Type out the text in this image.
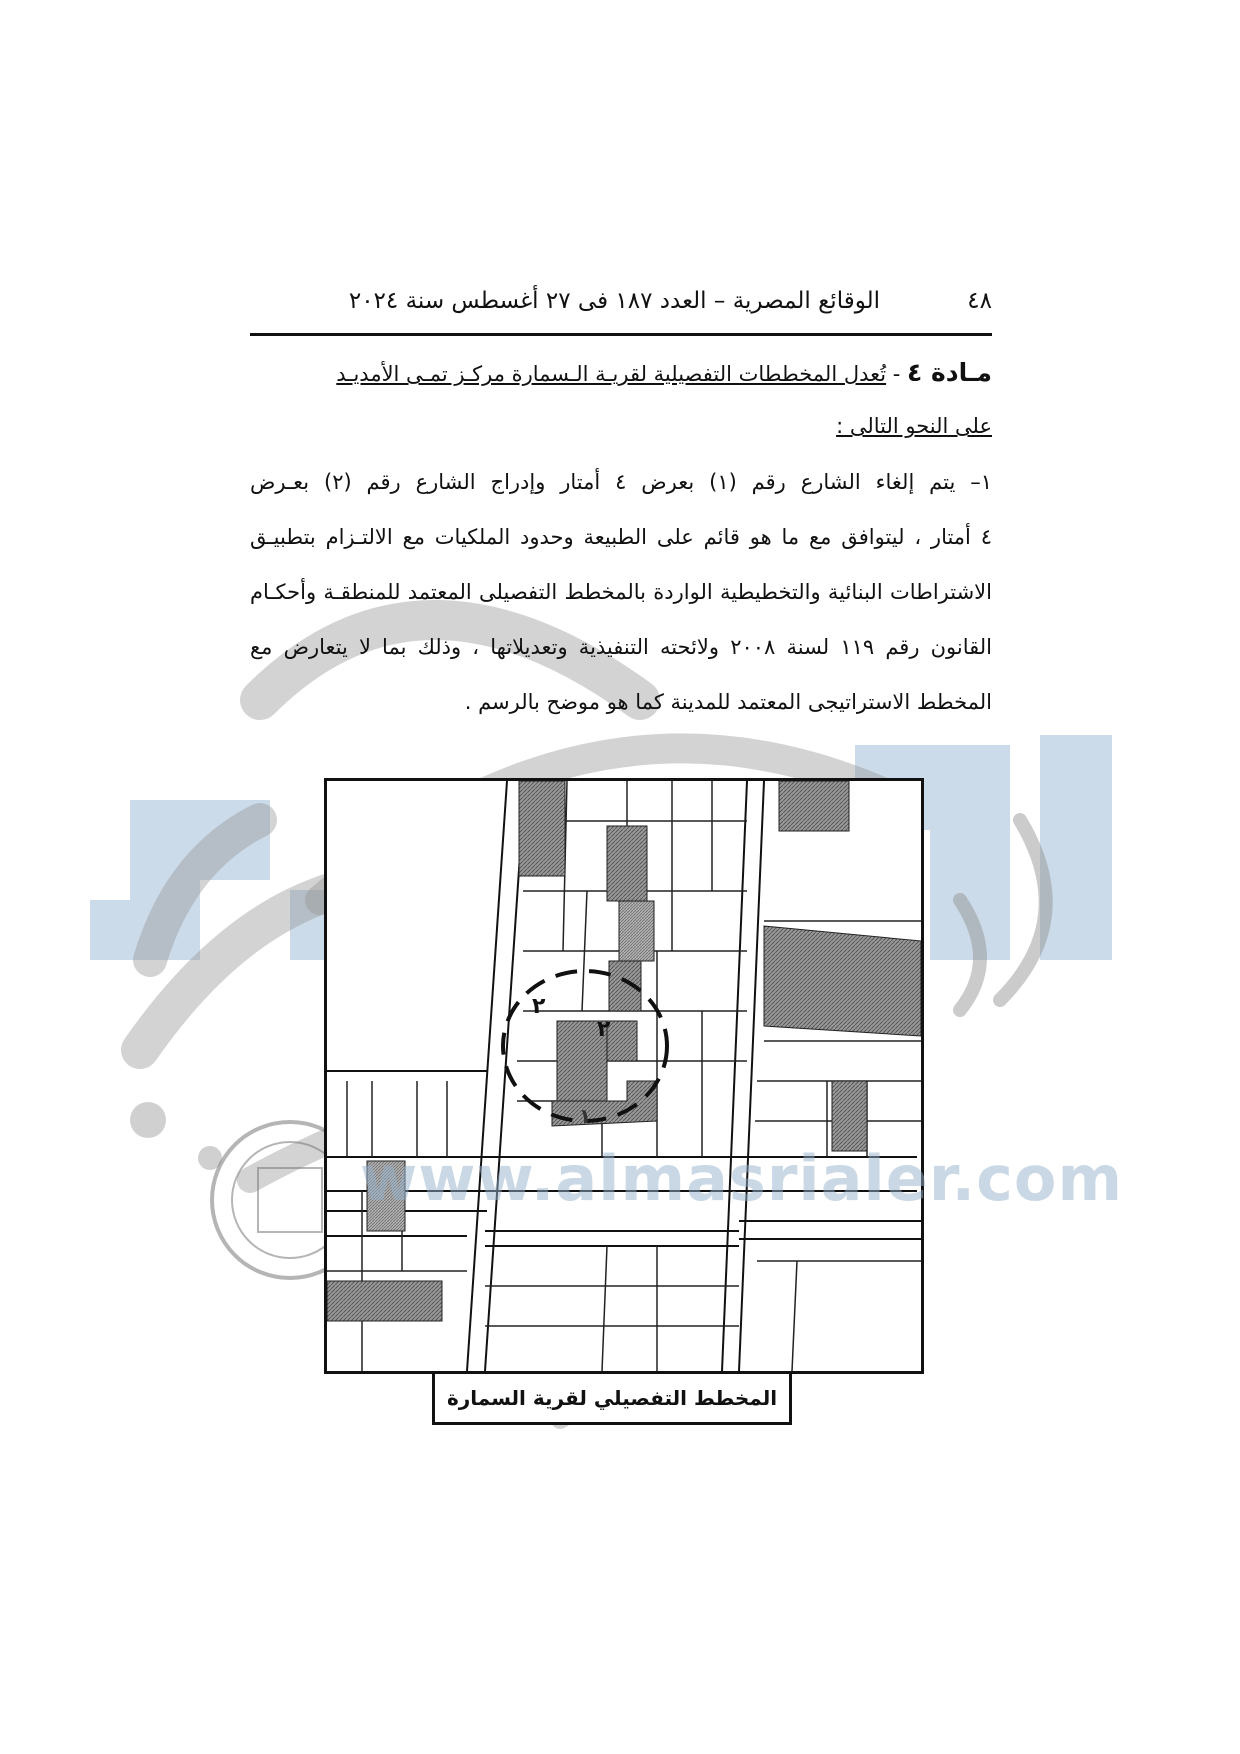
٤٨
الوقائع المصرية – العدد ١٨٧ فى ٢٧ أغسطس سنة ٢٠٢٤
مـادة ٤ - تُعدل المخططات التفصيلية لقريـة الـسمارة مركـز تمـى الأمديـد
على النحو التالى :
١– يتم إلغاء الشارع رقم (١) بعرض ٤ أمتار وإدراج الشارع رقم (٢) بعـرض
٤ أمتار ، ليتوافق مع ما هو قائم على الطبيعة وحدود الملكيات مع الالتـزام بتطبيـق
الاشتراطات البنائية والتخطيطية الواردة بالمخطط التفصيلى المعتمد للمنطقـة وأحكـام
القانون رقم ١١٩ لسنة ٢٠٠٨ ولائحته التنفيذية وتعديلاتها ، وذلك بما لا يتعارض مع
المخطط الاستراتيجى المعتمد للمدينة كما هو موضح بالرسم .
٢
٢
١
المخطط التفصيلي لقرية السمارة
www.almasrialer.com
